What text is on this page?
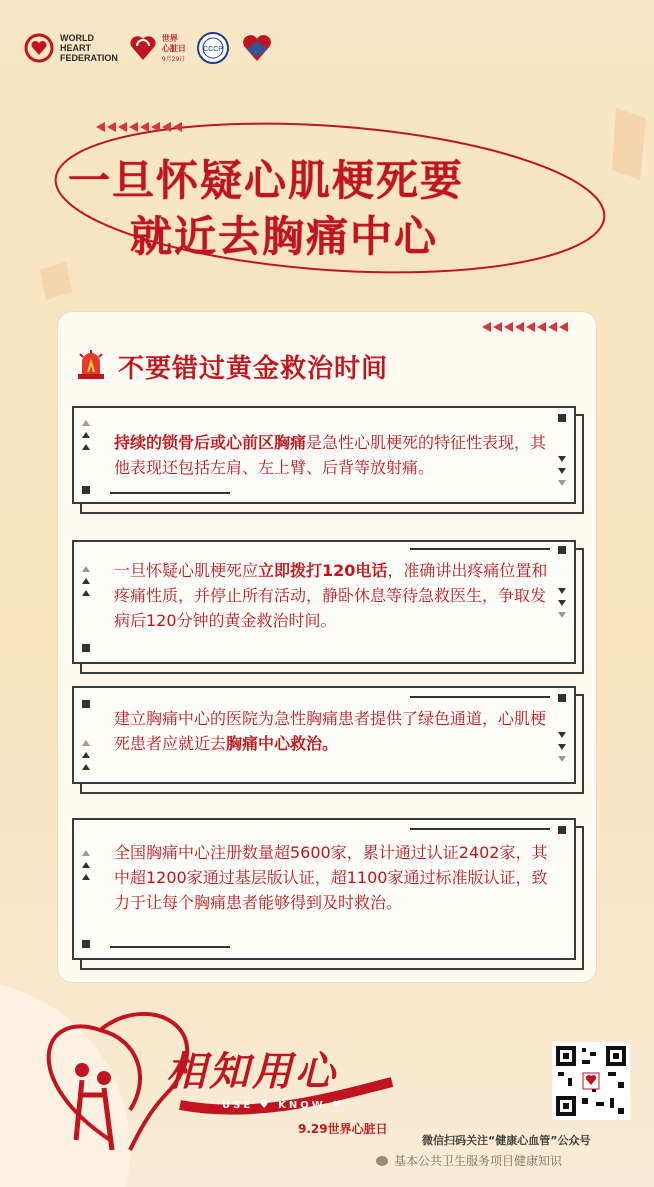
WORLD
HEART
FEDERATION
世界
心脏日
9月29日
CCCP
一旦怀疑心肌梗死要
就近去胸痛中心
不要错过黄金救治时间
持续的锁骨后或心前区胸痛是急性心肌梗死的特征性表现，其他表现还包括左肩、左上臂、后背等放射痛。
一旦怀疑心肌梗死应立即拨打120电话，准确讲出疼痛位置和疼痛性质，并停止所有活动，静卧休息等待急救医生，争取发病后120分钟的黄金救治时间。
建立胸痛中心的医院为急性胸痛患者提供了绿色通道，心肌梗死患者应就近去胸痛中心救治。
全国胸痛中心注册数量超5600家，累计通过认证2402家，其中超1200家通过基层版认证，超1100家通过标准版认证，致力于让每个胸痛患者能够得到及时救治。
相知用心
USE ♥ KNOW ♥
9.29世界心脏日
微信扫码关注“健康心血管”公众号
基本公共卫生服务项目健康知识
